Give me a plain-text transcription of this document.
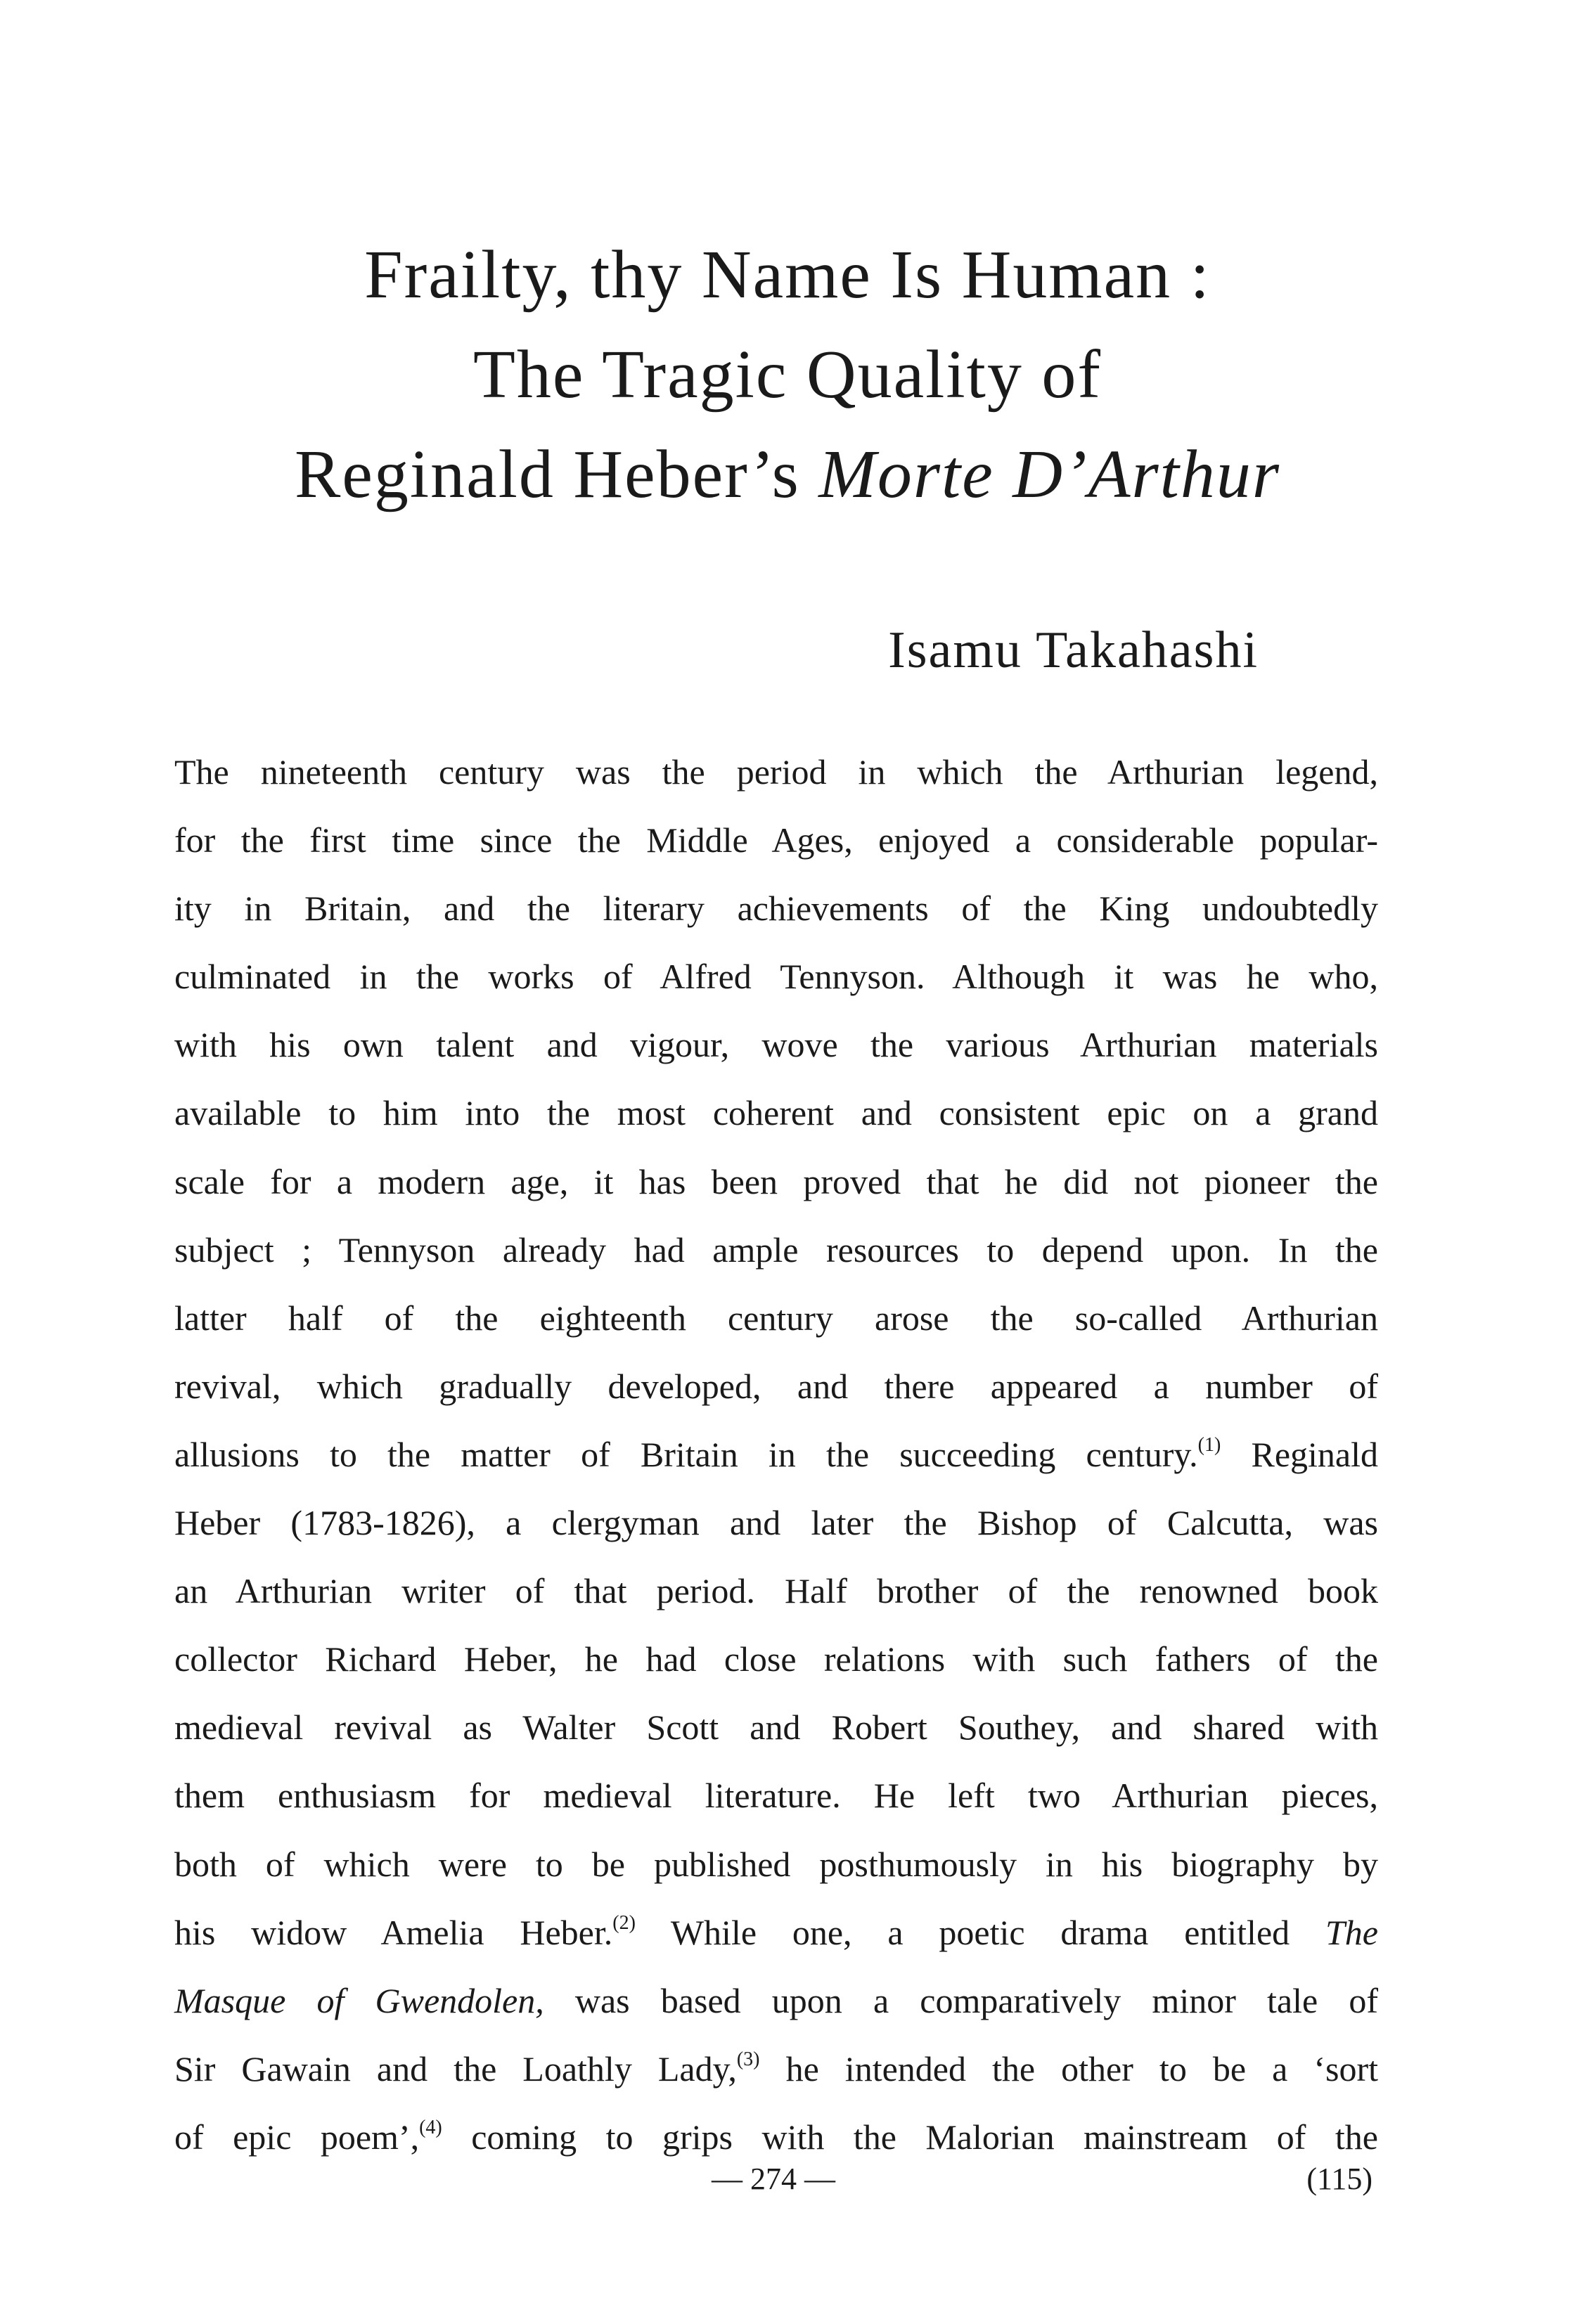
Frailty, thy Name Is Human :
The Tragic Quality of
Reginald Heber’s Morte D’Arthur

Isamu Takahashi

The nineteenth century was the period in which the Arthurian legend,
for the first time since the Middle Ages, enjoyed a considerable popular-
ity in Britain, and the literary achievements of the King undoubtedly
culminated in the works of Alfred Tennyson. Although it was he who,
with his own talent and vigour, wove the various Arthurian materials
available to him into the most coherent and consistent epic on a grand
scale for a modern age, it has been proved that he did not pioneer the
subject ; Tennyson already had ample resources to depend upon. In the
latter half of the eighteenth century arose the so-called Arthurian
revival, which gradually developed, and there appeared a number of
allusions to the matter of Britain in the succeeding century.$^{(1)}$ Reginald
Heber (1783-1826), a clergyman and later the Bishop of Calcutta, was
an Arthurian writer of that period. Half brother of the renowned book
collector Richard Heber, he had close relations with such fathers of the
medieval revival as Walter Scott and Robert Southey, and shared with
them enthusiasm for medieval literature. He left two Arthurian pieces,
both of which were to be published posthumously in his biography by
his widow Amelia Heber.$^{(2)}$ While one, a poetic drama entitled The
Masque of Gwendolen, was based upon a comparatively minor tale of
Sir Gawain and the Loathly Lady,$^{(3)}$ he intended the other to be a ‘sort
of epic poem’,$^{(4)}$ coming to grips with the Malorian mainstream of the

— 274 —	(115)
